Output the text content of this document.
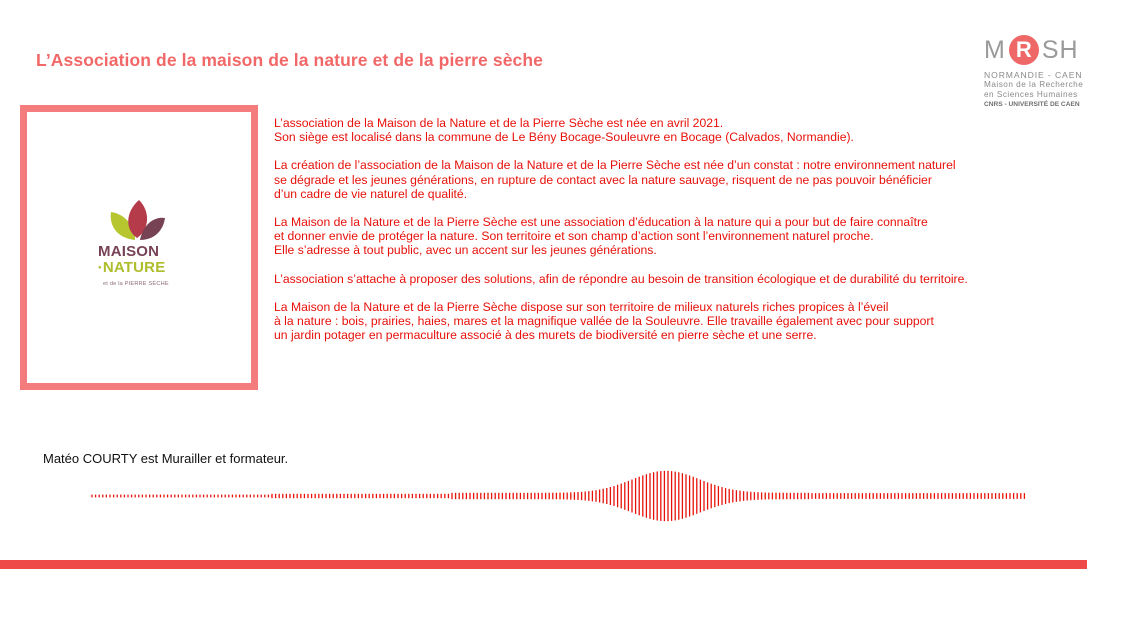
L’Association de la maison de la nature et de la pierre sèche	M R SH
NORMANDIE - CAEN
Maison de la Recherche
en Sciences Humaines
CNRS - UNIVERSITÉ DE CAEN
MAISON
●NATURE
et de la PIERRE SÈCHE

L’association de la Maison de la Nature et de la Pierre Sèche est née en avril 2021.
Son siège est localisé dans la commune de Le Bény Bocage-Souleuvre en Bocage (Calvados, Normandie).

La création de l’association de la Maison de la Nature et de la Pierre Sèche est née d’un constat : notre environnement naturel
se dégrade et les jeunes générations, en rupture de contact avec la nature sauvage, risquent de ne pas pouvoir bénéficier
d’un cadre de vie naturel de qualité.

La Maison de la Nature et de la Pierre Sèche est une association d’éducation à la nature qui a pour but de faire connaître
et donner envie de protéger la nature. Son territoire et son champ d’action sont l’environnement naturel proche.
Elle s’adresse à tout public, avec un accent sur les jeunes générations.

L’association s’attache à proposer des solutions, afin de répondre au besoin de transition écologique et de durabilité du territoire.

La Maison de la Nature et de la Pierre Sèche dispose sur son territoire de milieux naturels riches propices à l’éveil
à la nature : bois, prairies, haies, mares et la magnifique vallée de la Souleuvre. Elle travaille également avec pour support
un jardin potager en permaculture associé à des murets de biodiversité en pierre sèche et une serre.

Matéo COURTY est Murailler et formateur.
